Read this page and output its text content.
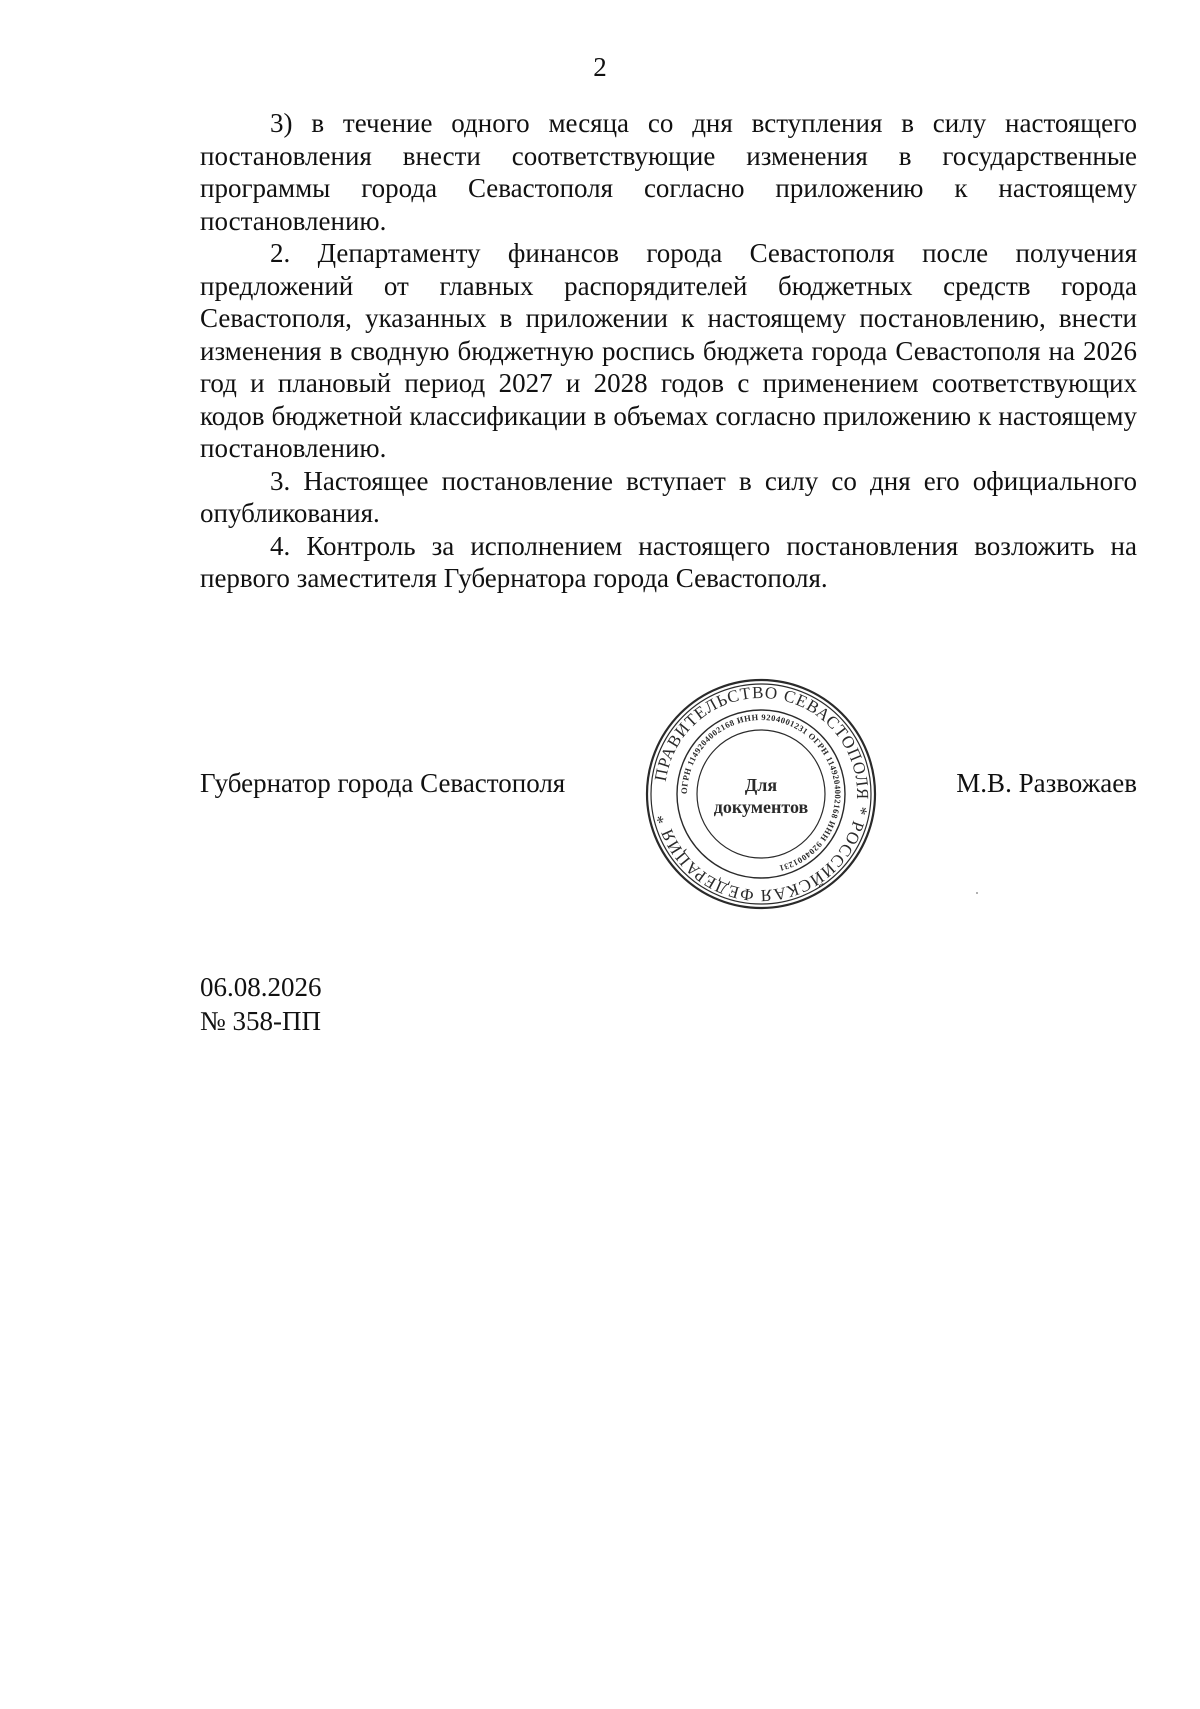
2

3) в течение одного месяца со дня вступления в силу настоящего постановления внести соответствующие изменения в государственные программы города Севастополя согласно приложению к настоящему постановлению.

2. Департаменту финансов города Севастополя после получения предложений от главных распорядителей бюджетных средств города Севастополя, указанных в приложении к настоящему постановлению, внести изменения в сводную бюджетную роспись бюджета города Севастополя на 2026 год и плановый период 2027 и 2028 годов с применением соответствующих кодов бюджетной классификации в объемах согласно приложению к настоящему постановлению.

3. Настоящее постановление вступает в силу со дня его официального опубликования.

4. Контроль за исполнением настоящего постановления возложить на первого заместителя Губернатора города Севастополя.

Губернатор города Севастополя	М.В. Развожаев
ПРАВИТЕЛЬСТВО СЕВАСТОПОЛЯ * РОССИЙСКАЯ ФЕДЕРАЦИЯ *
ОГРН 1149204002168 ИНН 9204001231 ОГРН 1149204002168 ИНН 9204001231
Для
документов
06.08.2026
№ 358-ПП
